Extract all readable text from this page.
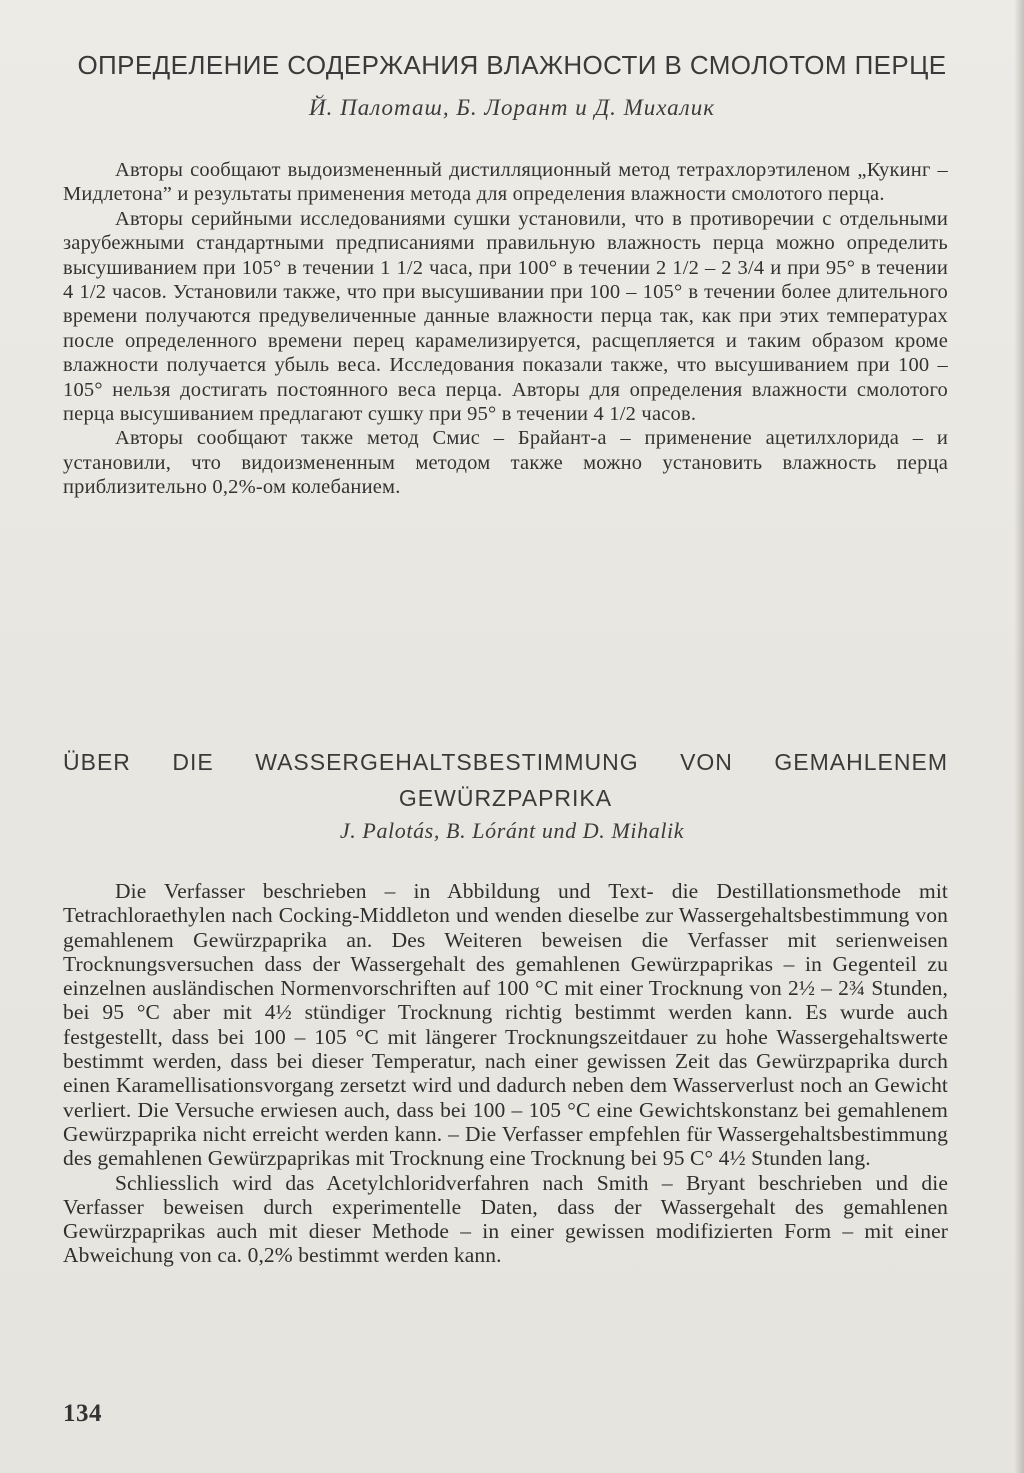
ОПРЕДЕЛЕНИЕ СОДЕРЖАНИЯ ВЛАЖНОСТИ В СМОЛОТОМ ПЕРЦЕ
Й. Палоташ, Б. Лорант и Д. Михалик

Авторы сообщают выдоизмененный дистилляционный метод тетрахлорэтиленом „Кукинг – Мидлетона” и результаты применения метода для определения влажности смолотого перца.

Авторы серийными исследованиями сушки установили, что в противоречии с отдельными зарубежными стандартными предписаниями правильную влажность перца можно определить высушиванием при 105° в течении 1 1/2 часа, при 100° в течении 2 1/2 – 2 3/4 и при 95° в течении 4 1/2 часов. Установили также, что при высушивании при 100 – 105° в течении более длительного времени получаются предувеличенные данные влажности перца так, как при этих температурах после определенного времени перец карамелизируется, расщепляется и таким образом кроме влажности получается убыль веса. Исследования показали также, что высушиванием при 100 – 105° нельзя достигать постоянного веса перца. Авторы для определения влажности смолотого перца высушиванием предлагают сушку при 95° в течении 4 1/2 часов.

Авторы сообщают также метод Смис – Брайант-а – применение ацетилхлорида – и установили, что видоизмененным методом также можно установить влажность перца приблизительно 0,2%-ом колебанием.

ÜBER DIE WASSERGEHALTSBESTIMMUNG VON GEMAHLENEM
GEWÜRZPAPRIKA
J. Palotás, B. Lóránt und D. Mihalik

Die Verfasser beschrieben – in Abbildung und Text- die Destillationsmethode mit Tetrachloraethylen nach Cocking-Middleton und wenden dieselbe zur Wassergehaltsbestimmung von gemahlenem Gewürzpaprika an. Des Weiteren beweisen die Verfasser mit serienweisen Trocknungsversuchen dass der Wassergehalt des gemahlenen Gewürzpaprikas – in Gegenteil zu einzelnen ausländischen Normenvorschriften auf 100 °C mit einer Trocknung von 2½ – 2¾ Stunden, bei 95 °C aber mit 4½ stündiger Trocknung richtig bestimmt werden kann. Es wurde auch festgestellt, dass bei 100 – 105 °C mit längerer Trocknungszeitdauer zu hohe Wassergehaltswerte bestimmt werden, dass bei dieser Temperatur, nach einer gewissen Zeit das Gewürzpaprika durch einen Karamellisationsvorgang zersetzt wird und dadurch neben dem Wasserverlust noch an Gewicht verliert. Die Versuche erwiesen auch, dass bei 100 – 105 °C eine Gewichtskonstanz bei gemahlenem Gewürzpaprika nicht erreicht werden kann. – Die Verfasser empfehlen für Wassergehaltsbestimmung des gemahlenen Gewürzpaprikas mit Trocknung eine Trocknung bei 95 C° 4½ Stunden lang.

Schliesslich wird das Acetylchloridverfahren nach Smith – Bryant beschrieben und die Verfasser beweisen durch experimentelle Daten, dass der Wassergehalt des gemahlenen Gewürzpaprikas auch mit dieser Methode – in einer gewissen modifizierten Form – mit einer Abweichung von ca. 0,2% bestimmt werden kann.

134
